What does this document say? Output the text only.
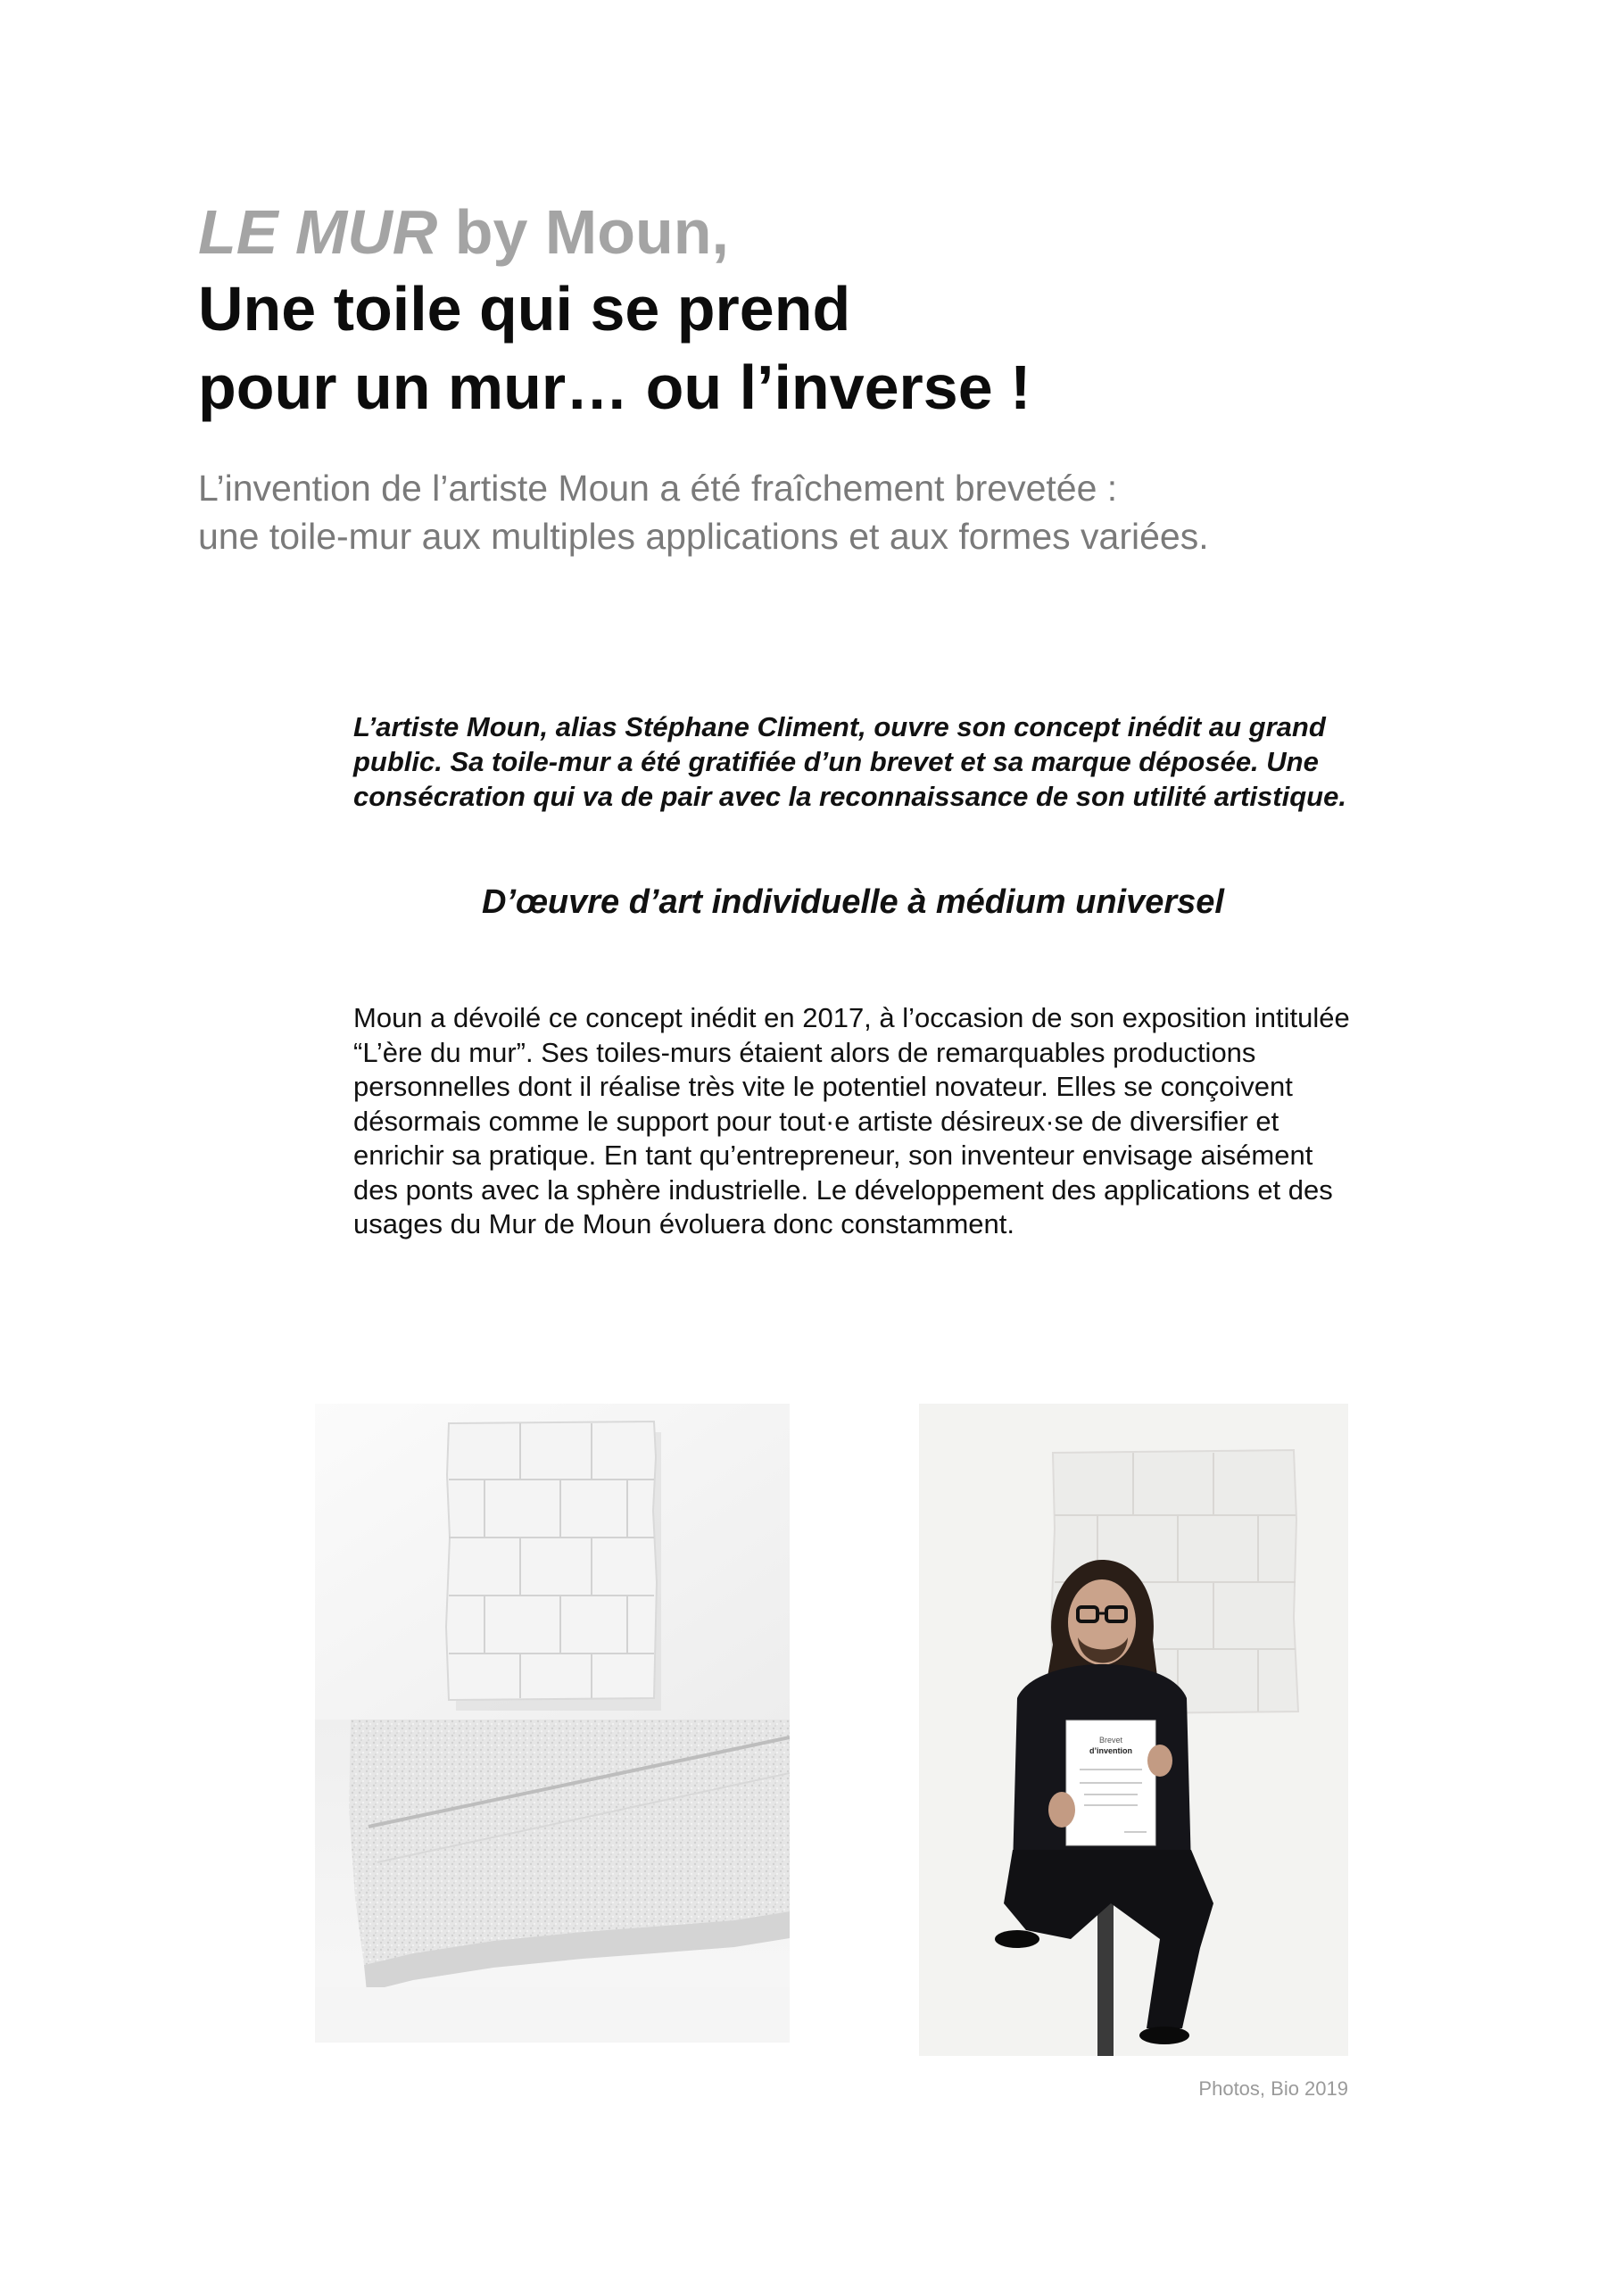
LE MUR by Moun,
Une toile qui se prend
pour un mur… ou l’inverse !
L’invention de l’artiste Moun a été fraîchement brevetée :
une toile-mur aux multiples applications et aux formes variées.
L’artiste Moun, alias Stéphane Climent, ouvre son concept inédit au grand public. Sa toile-mur a été gratifiée d’un brevet et sa marque déposée. Une consécration qui va de pair avec la reconnaissance de son utilité artistique.
D’œuvre d’art individuelle à médium universel
Moun a dévoilé ce concept inédit en 2017, à l’occasion de son exposition intitulée “L’ère du mur”. Ses toiles-murs étaient alors de remarquables productions personnelles dont il réalise très vite le potentiel novateur. Elles se conçoivent désormais comme le support pour tout·e artiste désireux·se de diversifier et enrichir sa pratique. En tant qu’entrepreneur, son inventeur envisage aisément des ponts avec la sphère industrielle. Le développement des applications et des usages du Mur de Moun évoluera donc constamment.
Brevet
d’invention
Photos, Bio 2019
